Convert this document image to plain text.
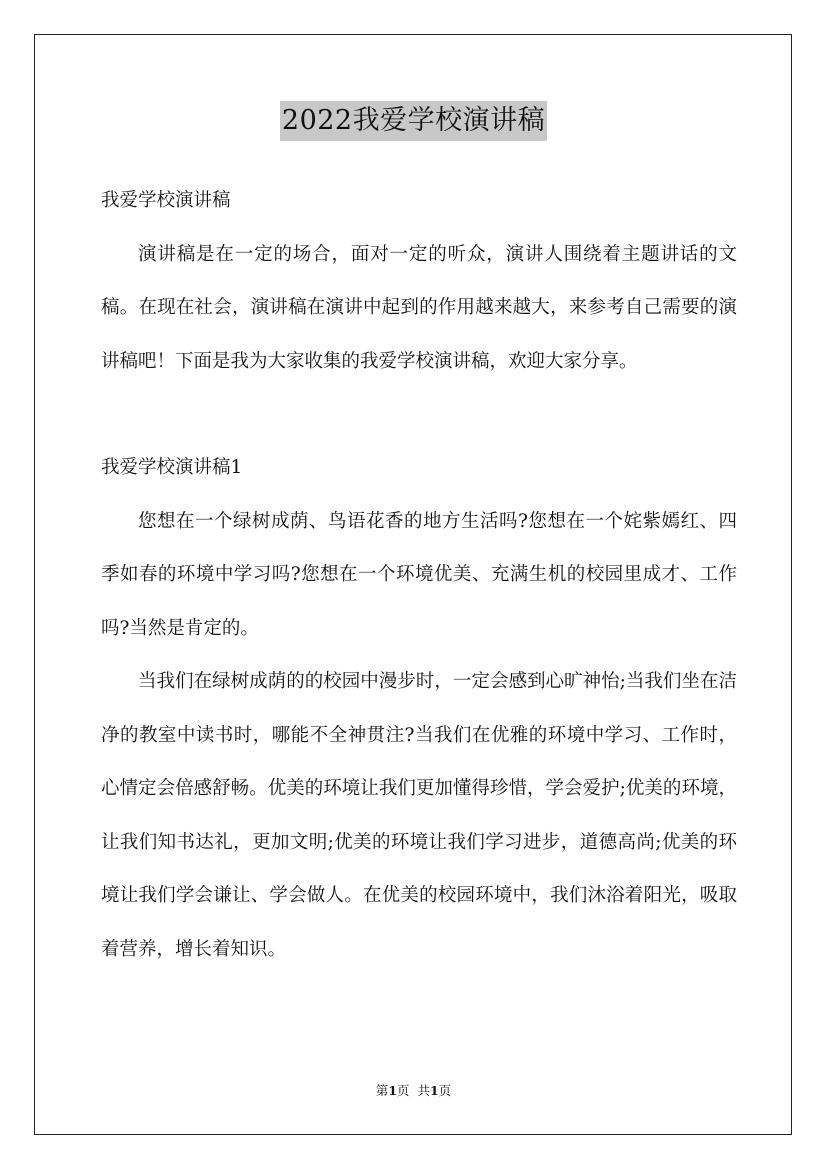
2022我爱学校演讲稿

我爱学校演讲稿

演讲稿是在一定的场合，面对一定的听众，演讲人围绕着主题讲话的文稿。在现在社会，演讲稿在演讲中起到的作用越来越大，来参考自己需要的演讲稿吧！下面是我为大家收集的我爱学校演讲稿，欢迎大家分享。

我爱学校演讲稿1

您想在一个绿树成荫、鸟语花香的地方生活吗?您想在一个姹紫嫣红、四季如春的环境中学习吗?您想在一个环境优美、充满生机的校园里成才、工作吗?当然是肯定的。

当我们在绿树成荫的的校园中漫步时，一定会感到心旷神怡;当我们坐在洁净的教室中读书时，哪能不全神贯注?当我们在优雅的环境中学习、工作时，心情定会倍感舒畅。优美的环境让我们更加懂得珍惜，学会爱护;优美的环境，让我们知书达礼，更加文明;优美的环境让我们学习进步，道德高尚;优美的环境让我们学会谦让、学会做人。在优美的校园环境中，我们沐浴着阳光，吸取着营养，增长着知识。

第1页  共1页
